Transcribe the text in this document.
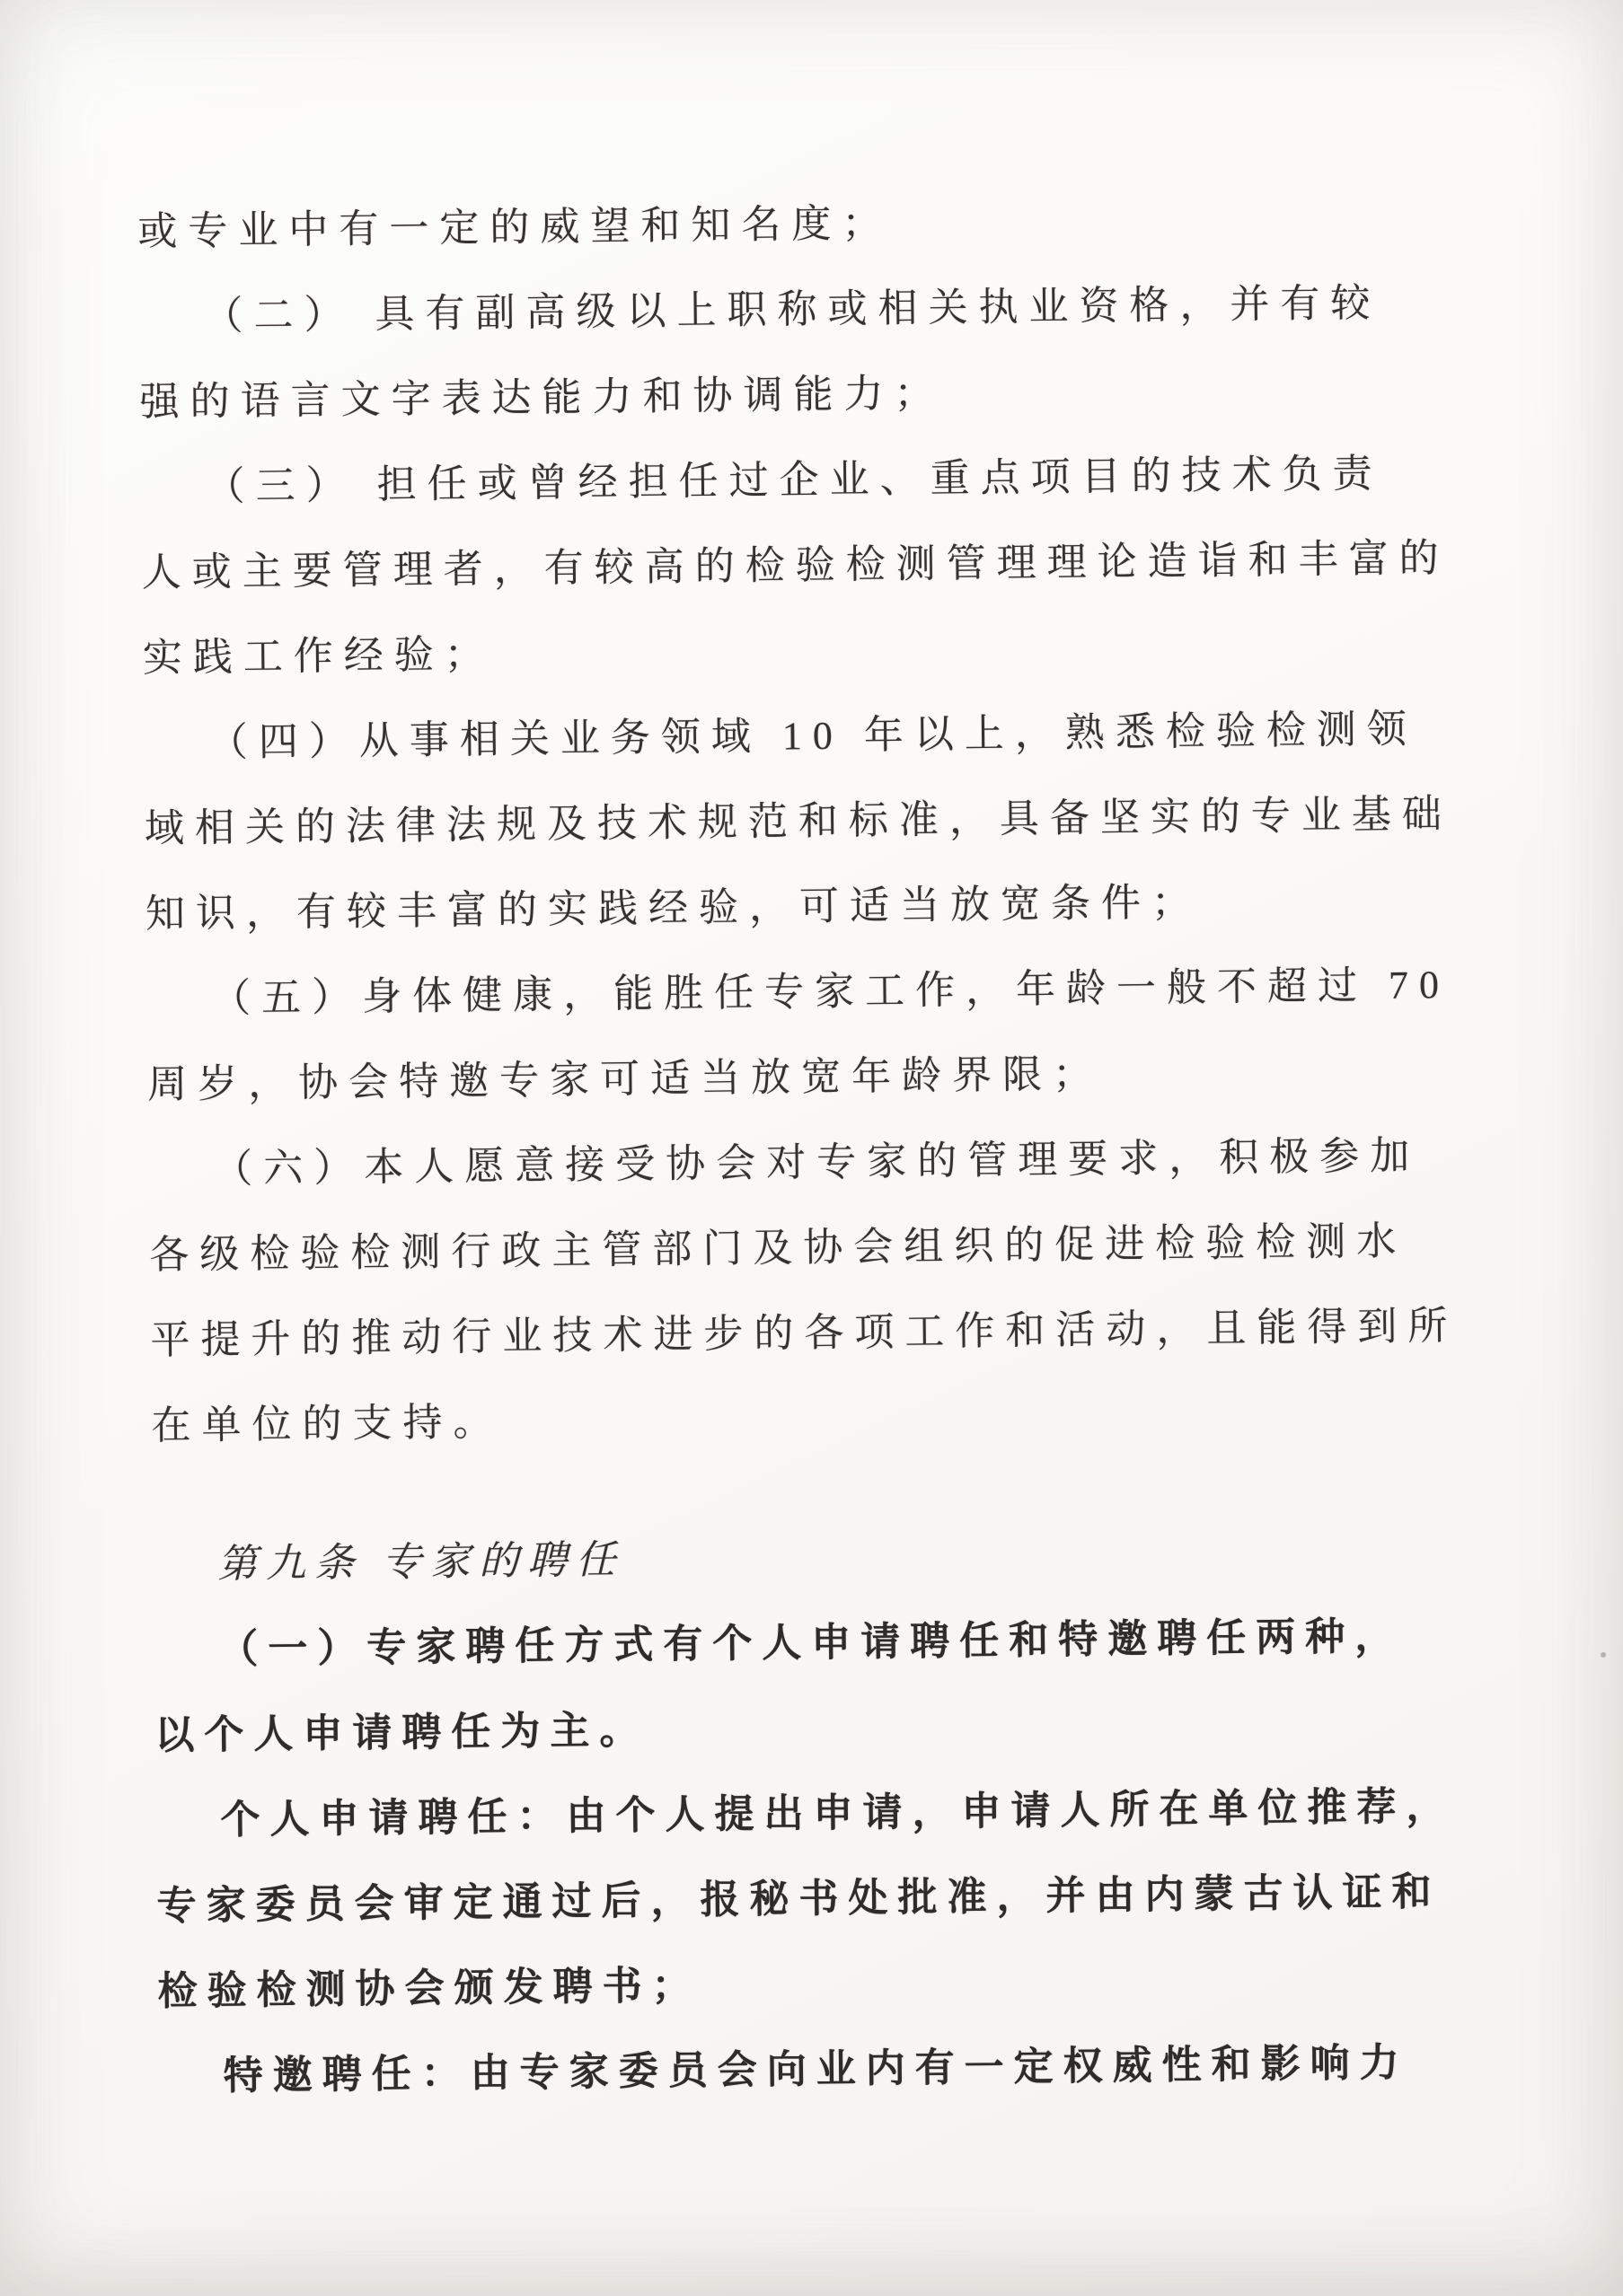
或专业中有一定的威望和知名度；
（二） 具有副高级以上职称或相关执业资格，并有较
强的语言文字表达能力和协调能力；
（三） 担任或曾经担任过企业、重点项目的技术负责
人或主要管理者，有较高的检验检测管理理论造诣和丰富的
实践工作经验；
（四）从事相关业务领域 10 年以上，熟悉检验检测领
域相关的法律法规及技术规范和标准，具备坚实的专业基础
知识，有较丰富的实践经验，可适当放宽条件；
（五）身体健康，能胜任专家工作，年龄一般不超过 70
周岁，协会特邀专家可适当放宽年龄界限；
（六）本人愿意接受协会对专家的管理要求，积极参加
各级检验检测行政主管部门及协会组织的促进检验检测水
平提升的推动行业技术进步的各项工作和活动，且能得到所
在单位的支持。
第九条 专家的聘任
（一）专家聘任方式有个人申请聘任和特邀聘任两种，
以个人申请聘任为主。
个人申请聘任：由个人提出申请，申请人所在单位推荐，
专家委员会审定通过后，报秘书处批准，并由内蒙古认证和
检验检测协会颁发聘书；
特邀聘任：由专家委员会向业内有一定权威性和影响力
